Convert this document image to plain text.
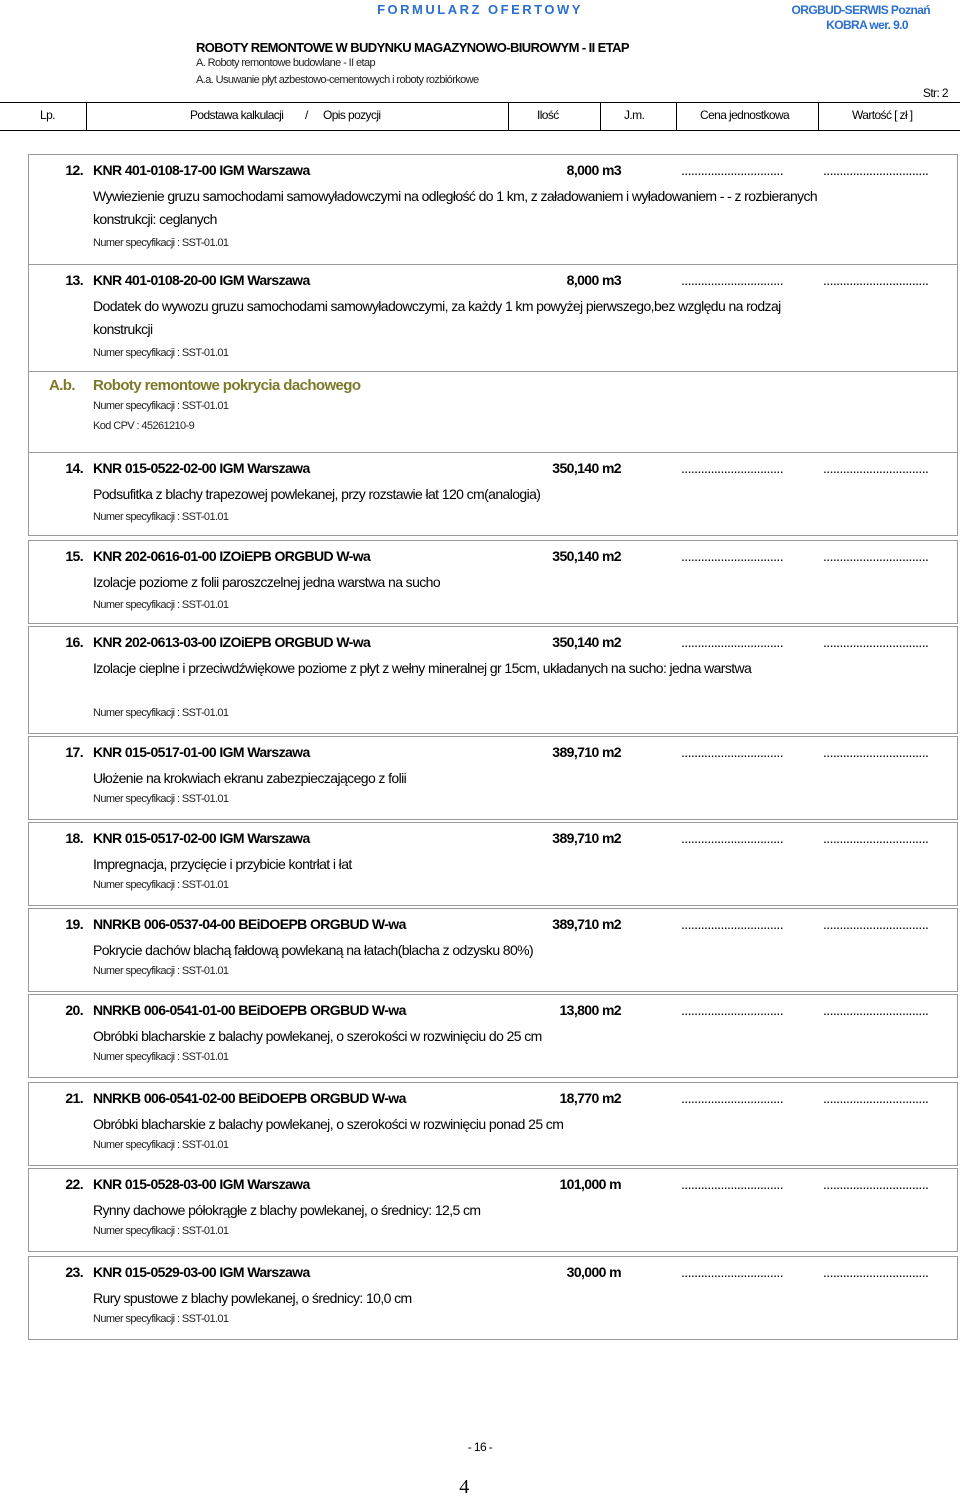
FORMULARZ OFERTOWY	ORGBUD-SERWIS Poznań
KOBRA wer. 9.0
ROBOTY REMONTOWE W BUDYNKU MAGAZYNOWO-BIUROWYM - II ETAP
A. Roboty remontowe budowlane - II etap
A.a. Usuwanie płyt azbestowo-cementowych i roboty rozbiórkowe
Str: 2
Lp.	Podstawa kalkulacji / Opis pozycji	Ilość	J.m.	Cena jednostkowa	Wartość [ zł ]
12. KNR 401-0108-17-00 IGM Warszawa	8,000 m3	...............................	................................
Wywiezienie gruzu samochodami samowyładowczymi na odległość do 1 km, z załadowaniem i wyładowaniem - - z rozbieranych konstrukcji: ceglanych
Numer specyfikacji : SST-01.01
13. KNR 401-0108-20-00 IGM Warszawa	8,000 m3	...............................	................................
Dodatek do wywozu gruzu samochodami samowyładowczymi, za każdy 1 km powyżej pierwszego,bez względu na rodzaj konstrukcji
Numer specyfikacji : SST-01.01
A.b. Roboty remontowe pokrycia dachowego
Numer specyfikacji : SST-01.01
Kod CPV : 45261210-9
14. KNR 015-0522-02-00 IGM Warszawa	350,140 m2	...............................	................................
Podsufitka z blachy trapezowej powlekanej, przy rozstawie łat 120 cm(analogia)
Numer specyfikacji : SST-01.01
15. KNR 202-0616-01-00 IZOiEPB ORGBUD W-wa	350,140 m2	...............................	................................
Izolacje poziome z folii paroszczelnej jedna warstwa na sucho
Numer specyfikacji : SST-01.01
16. KNR 202-0613-03-00 IZOiEPB ORGBUD W-wa	350,140 m2	...............................	................................
Izolacje cieplne i przeciwdźwiękowe poziome z płyt z wełny mineralnej gr 15cm, układanych na sucho: jedna warstwa
Numer specyfikacji : SST-01.01
17. KNR 015-0517-01-00 IGM Warszawa	389,710 m2	...............................	................................
Ułożenie na krokwiach ekranu zabezpieczającego z folii
Numer specyfikacji : SST-01.01
18. KNR 015-0517-02-00 IGM Warszawa	389,710 m2	...............................	................................
Impregnacja, przycięcie i przybicie kontrłat i łat
Numer specyfikacji : SST-01.01
19. NNRKB 006-0537-04-00 BEiDOEPB ORGBUD W-wa	389,710 m2	...............................	................................
Pokrycie dachów blachą fałdową powlekaną na łatach(blacha z odzysku 80%)
Numer specyfikacji : SST-01.01
20. NNRKB 006-0541-01-00 BEiDOEPB ORGBUD W-wa	13,800 m2	...............................	................................
Obróbki blacharskie z balachy powlekanej, o szerokości w rozwinięciu do 25 cm
Numer specyfikacji : SST-01.01
21. NNRKB 006-0541-02-00 BEiDOEPB ORGBUD W-wa	18,770 m2	...............................	................................
Obróbki blacharskie z balachy powlekanej, o szerokości w rozwinięciu ponad 25 cm
Numer specyfikacji : SST-01.01
22. KNR 015-0528-03-00 IGM Warszawa	101,000 m	...............................	................................
Rynny dachowe półokrągłe z blachy powlekanej, o średnicy: 12,5 cm
Numer specyfikacji : SST-01.01
23. KNR 015-0529-03-00 IGM Warszawa	30,000 m	...............................	................................
Rury spustowe z blachy powlekanej, o średnicy: 10,0 cm
Numer specyfikacji : SST-01.01
- 16 -
4
